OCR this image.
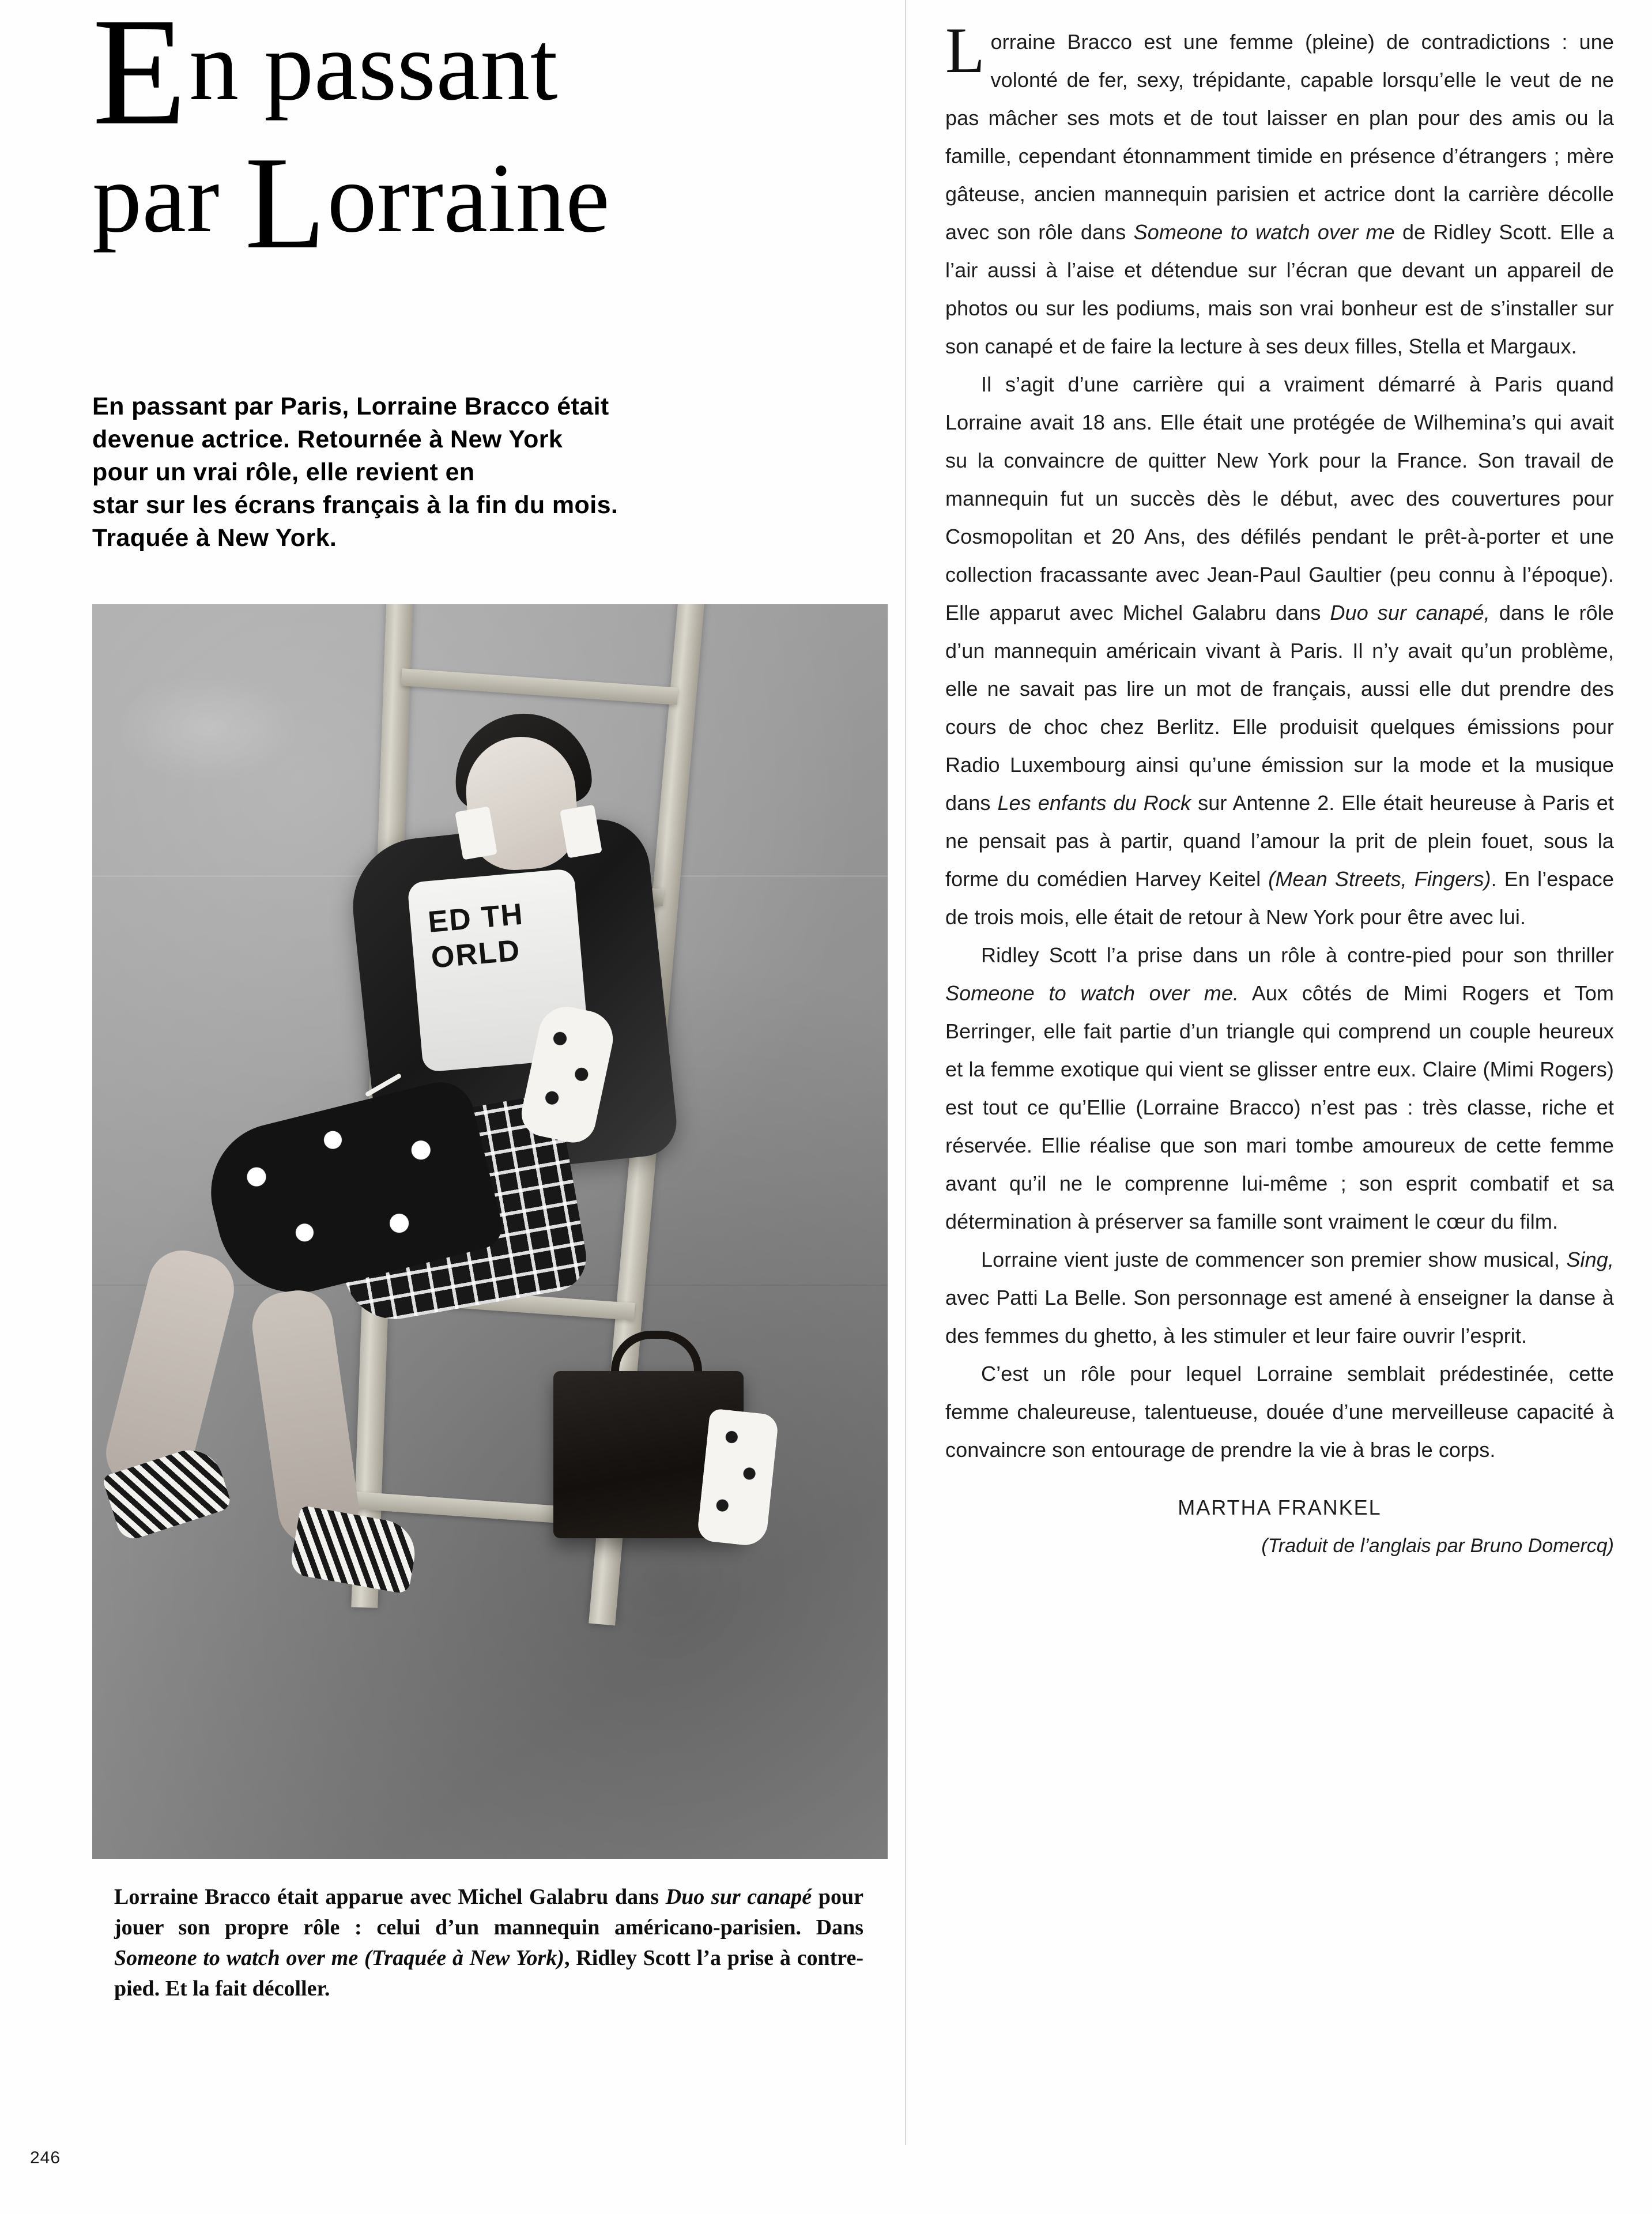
En passant
par Lorraine
En passant par Paris, Lorraine Bracco était
devenue actrice. Retournée à New York
pour un vrai rôle, elle revient en
star sur les écrans français à la fin du mois.
Traquée à New York.
ED TH ORLD
Lorraine Bracco était apparue avec Michel Galabru dans Duo sur canapé pour jouer son propre rôle : celui d’un mannequin américano-parisien. Dans Someone to watch over me (Traquée à New York), Ridley Scott l’a prise à contre-pied. Et la fait décoller.

Lorraine Bracco est une femme (pleine) de contradictions : une volonté de fer, sexy, trépidante, capable lorsqu’elle le veut de ne pas mâcher ses mots et de tout laisser en plan pour des amis ou la famille, cependant étonnamment timide en présence d’étrangers ; mère gâteuse, ancien mannequin parisien et actrice dont la carrière décolle avec son rôle dans Someone to watch over me de Ridley Scott. Elle a l’air aussi à l’aise et détendue sur l’écran que devant un appareil de photos ou sur les podiums, mais son vrai bonheur est de s’installer sur son canapé et de faire la lecture à ses deux filles, Stella et Margaux.

Il s’agit d’une carrière qui a vraiment démarré à Paris quand Lorraine avait 18 ans. Elle était une protégée de Wilhemina’s qui avait su la convaincre de quitter New York pour la France. Son travail de mannequin fut un succès dès le début, avec des couvertures pour Cosmopolitan et 20 Ans, des défilés pendant le prêt-à-porter et une collection fracassante avec Jean-Paul Gaultier (peu connu à l’époque). Elle apparut avec Michel Galabru dans Duo sur canapé, dans le rôle d’un mannequin américain vivant à Paris. Il n’y avait qu’un problème, elle ne savait pas lire un mot de français, aussi elle dut prendre des cours de choc chez Berlitz. Elle produisit quelques émissions pour Radio Luxembourg ainsi qu’une émission sur la mode et la musique dans Les enfants du Rock sur Antenne 2. Elle était heureuse à Paris et ne pensait pas à partir, quand l’amour la prit de plein fouet, sous la forme du comédien Harvey Keitel (Mean Streets, Fingers). En l’espace de trois mois, elle était de retour à New York pour être avec lui.

Ridley Scott l’a prise dans un rôle à contre-pied pour son thriller Someone to watch over me. Aux côtés de Mimi Rogers et Tom Berringer, elle fait partie d’un triangle qui comprend un couple heureux et la femme exotique qui vient se glisser entre eux. Claire (Mimi Rogers) est tout ce qu’Ellie (Lorraine Bracco) n’est pas : très classe, riche et réservée. Ellie réalise que son mari tombe amoureux de cette femme avant qu’il ne le comprenne lui-même ; son esprit combatif et sa détermination à préserver sa famille sont vraiment le cœur du film.

Lorraine vient juste de commencer son premier show musical, Sing, avec Patti La Belle. Son personnage est amené à enseigner la danse à des femmes du ghetto, à les stimuler et leur faire ouvrir l’esprit.

C’est un rôle pour lequel Lorraine semblait prédestinée, cette femme chaleureuse, talentueuse, douée d’une merveilleuse capacité à convaincre son entourage de prendre la vie à bras le corps.

MARTHA FRANKEL
(Traduit de l’anglais par Bruno Domercq)
246
